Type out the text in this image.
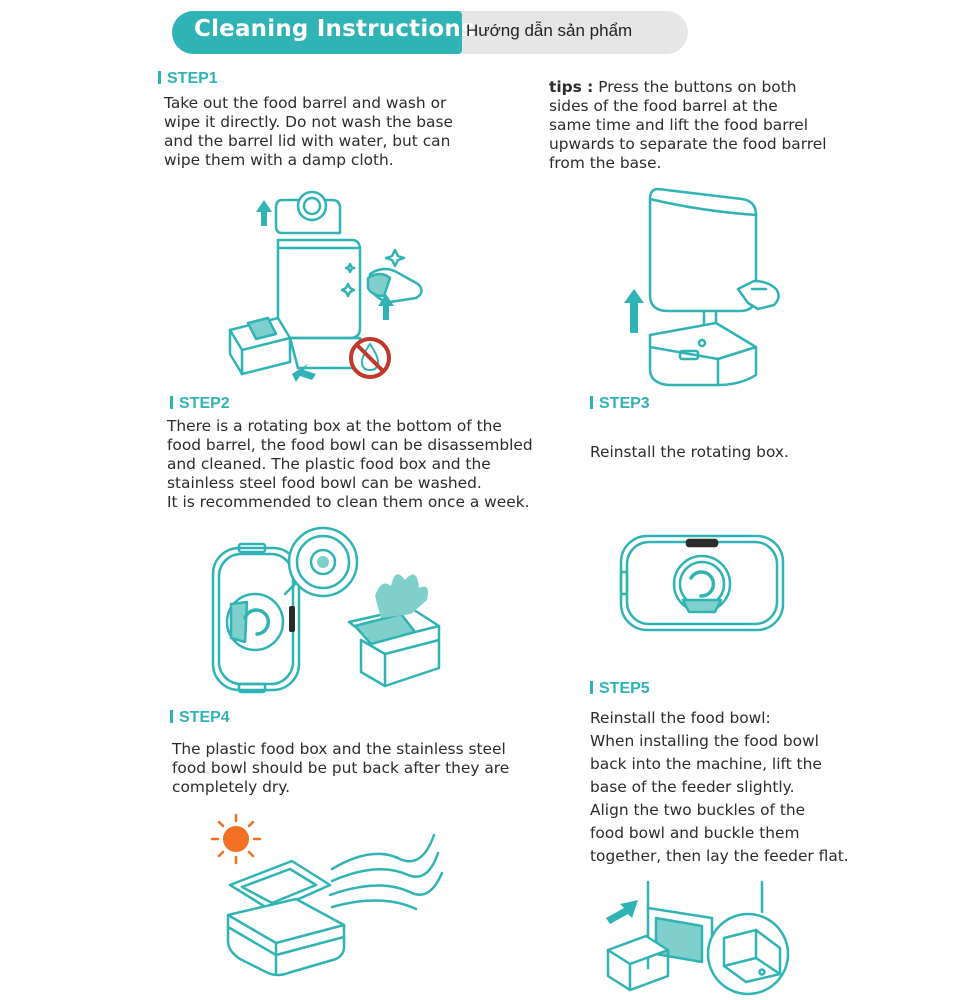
Cleaning Instructions
Hướng dẫn sản phẩm
STEP1
Take out the food barrel and wash or
wipe it directly. Do not wash the base
and the barrel lid with water, but can
wipe them with a damp cloth.
tips : Press the buttons on both
sides of the food barrel at the
same time and lift the food barrel
upwards to separate the food barrel
from the base.
STEP2
There is a rotating box at the bottom of the
food barrel, the food bowl can be disassembled
and cleaned. The plastic food box and the
stainless steel food bowl can be washed.
It is recommended to clean them once a week.
STEP3
Reinstall the rotating box.
STEP5
Reinstall the food bowl:
When installing the food bowl
back into the machine, lift the
base of the feeder slightly.
Align the two buckles of the
food bowl and buckle them
together, then lay the feeder flat.
STEP4
The plastic food box and the stainless steel
food bowl should be put back after they are
completely dry.
